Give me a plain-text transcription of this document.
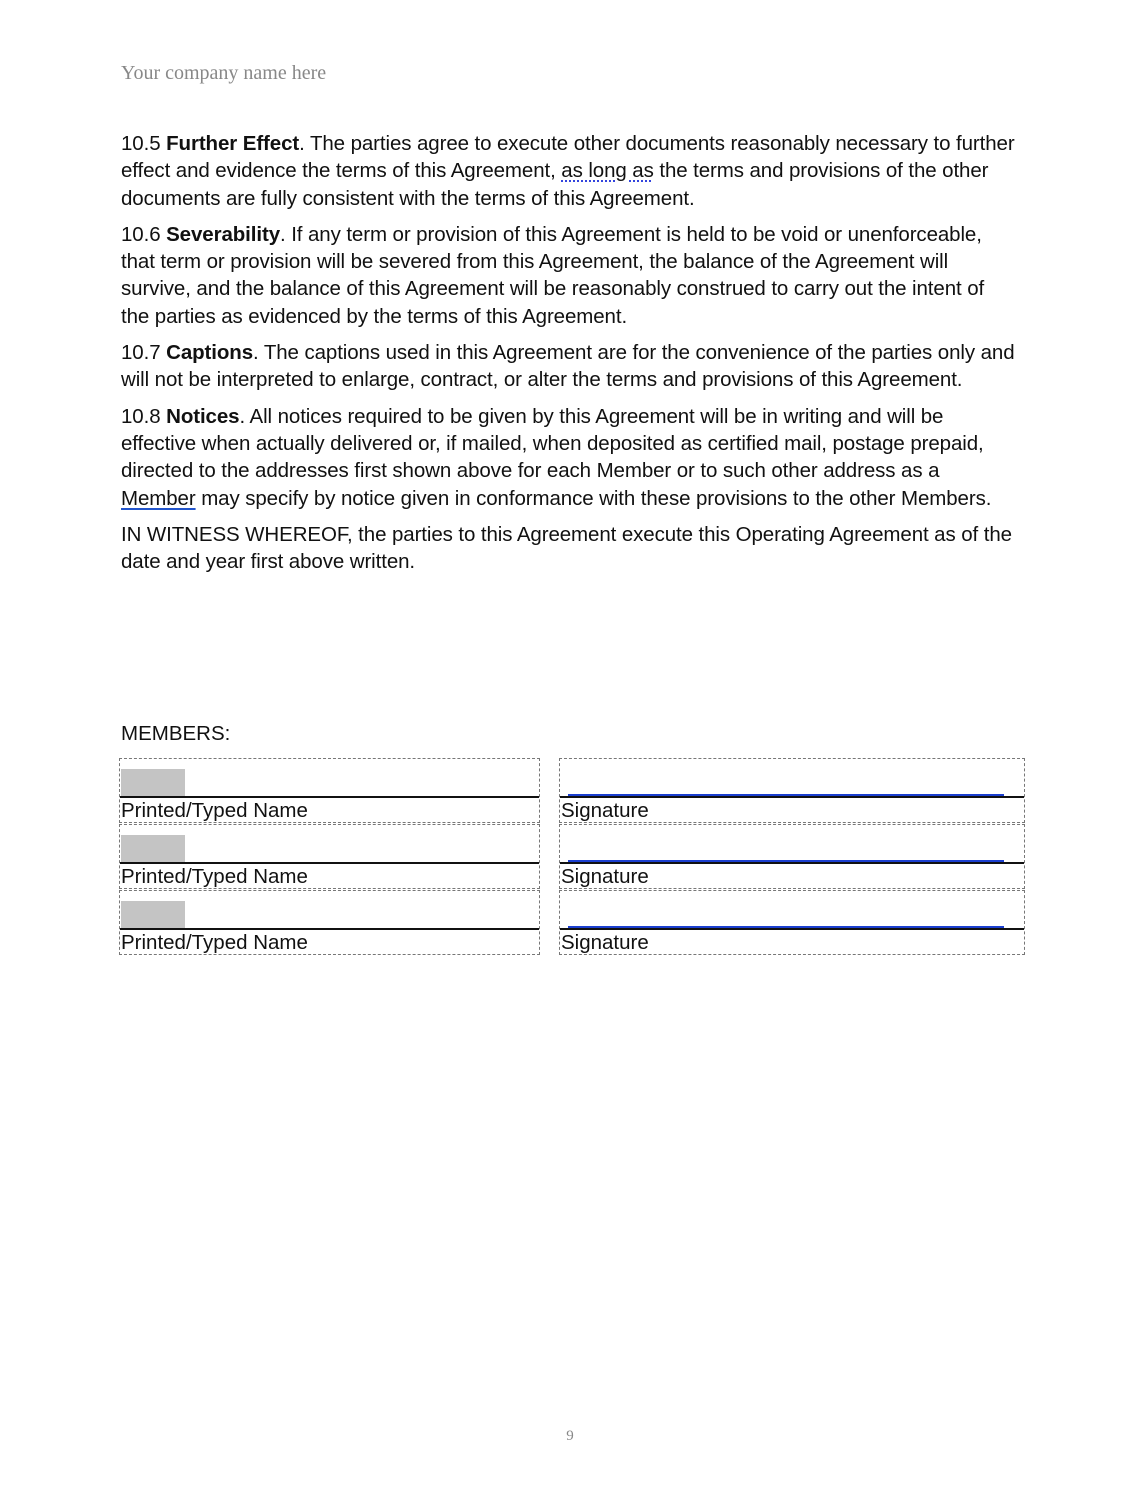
Your company name here

10.5 Further Effect. The parties agree to execute other documents reasonably necessary to further effect and evidence the terms of this Agreement, as long as the terms and provisions of the other documents are fully consistent with the terms of this Agreement.

10.6 Severability. If any term or provision of this Agreement is held to be void or unenforceable, that term or provision will be severed from this Agreement, the balance of the Agreement will survive, and the balance of this Agreement will be reasonably construed to carry out the intent of the parties as evidenced by the terms of this Agreement.

10.7 Captions. The captions used in this Agreement are for the convenience of the parties only and will not be interpreted to enlarge, contract, or alter the terms and provisions of this Agreement.

10.8 Notices. All notices required to be given by this Agreement will be in writing and will be effective when actually delivered or, if mailed, when deposited as certified mail, postage prepaid, directed to the addresses first shown above for each Member or to such other address as a Member may specify by notice given in conformance with these provisions to the other Members.

IN WITNESS WHEREOF, the parties to this Agreement execute this Operating Agreement as of the date and year first above written.

MEMBERS:
Printed/Typed Name	Signature
Printed/Typed Name	Signature
Printed/Typed Name	Signature
9
